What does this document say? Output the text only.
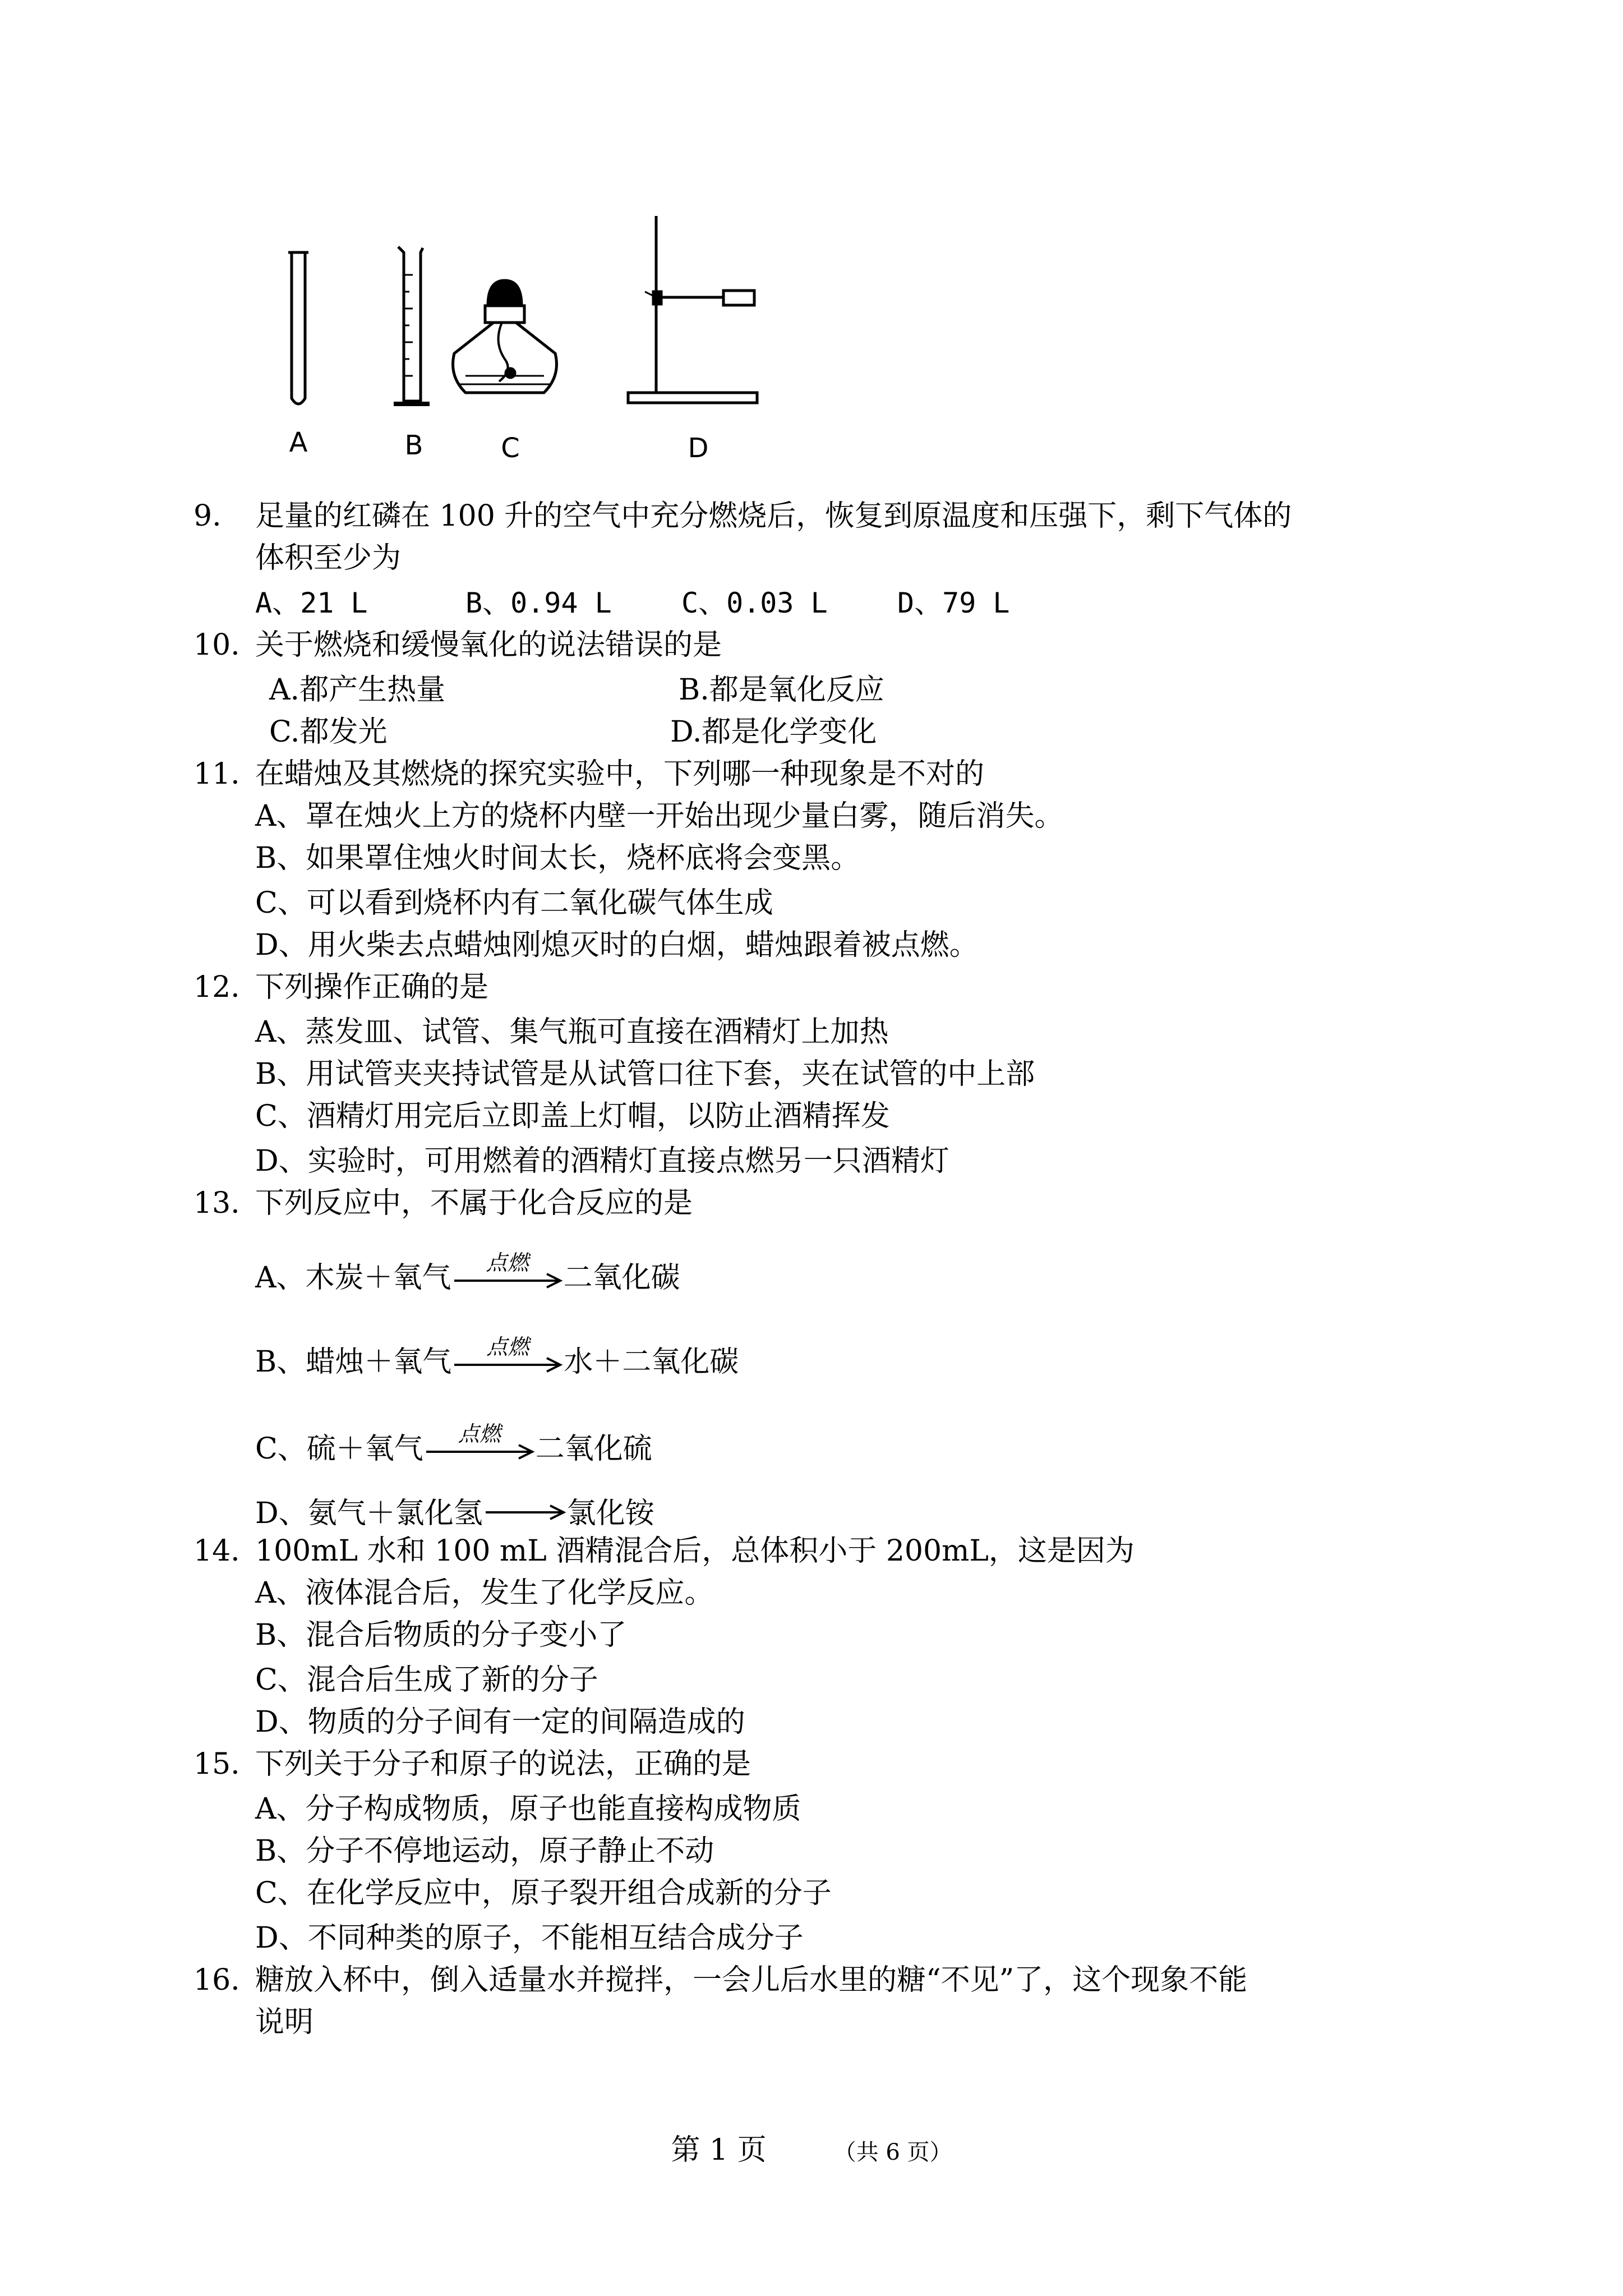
A	B	C	D
9. 足量的红磷在 100 升的空气中充分燃烧后，恢复到原温度和压强下，剩下气体的
体积至少为
A、21 L	B、0.94 L C、0.03 L D、79 L
10. 关于燃烧和缓慢氧化的说法错误的是
A.都产生热量	B.都是氧化反应
C.都发光	D.都是化学变化
11. 在蜡烛及其燃烧的探究实验中，下列哪一种现象是不对的
A、罩在烛火上方的烧杯内壁一开始出现少量白雾，随后消失。
B、如果罩住烛火时间太长，烧杯底将会变黑。
C、可以看到烧杯内有二氧化碳气体生成
D、用火柴去点蜡烛刚熄灭时的白烟，蜡烛跟着被点燃。
12. 下列操作正确的是
A、蒸发皿、试管、集气瓶可直接在酒精灯上加热
B、用试管夹夹持试管是从试管口往下套，夹在试管的中上部
C、酒精灯用完后立即盖上灯帽，以防止酒精挥发
D、实验时，可用燃着的酒精灯直接点燃另一只酒精灯
13. 下列反应中，不属于化合反应的是
A、木炭＋氧气	点燃	二氧化碳
B、蜡烛＋氧气	点燃	水＋二氧化碳
C、硫＋氧气	点燃	二氧化硫
D、氨气＋氯化氢→氯化铵
14. 100mL 水和 100 mL 酒精混合后，总体积小于 200mL，这是因为
A、液体混合后，发生了化学反应。
B、混合后物质的分子变小了
C、混合后生成了新的分子
D、物质的分子间有一定的间隔造成的
15. 下列关于分子和原子的说法，正确的是
A、分子构成物质，原子也能直接构成物质
B、分子不停地运动，原子静止不动
C、在化学反应中，原子裂开组合成新的分子
D、不同种类的原子，不能相互结合成分子
16. 糖放入杯中，倒入适量水并搅拌，一会儿后水里的糖“不见”了，这个现象不能
说明
第 1 页	（共 6 页）
